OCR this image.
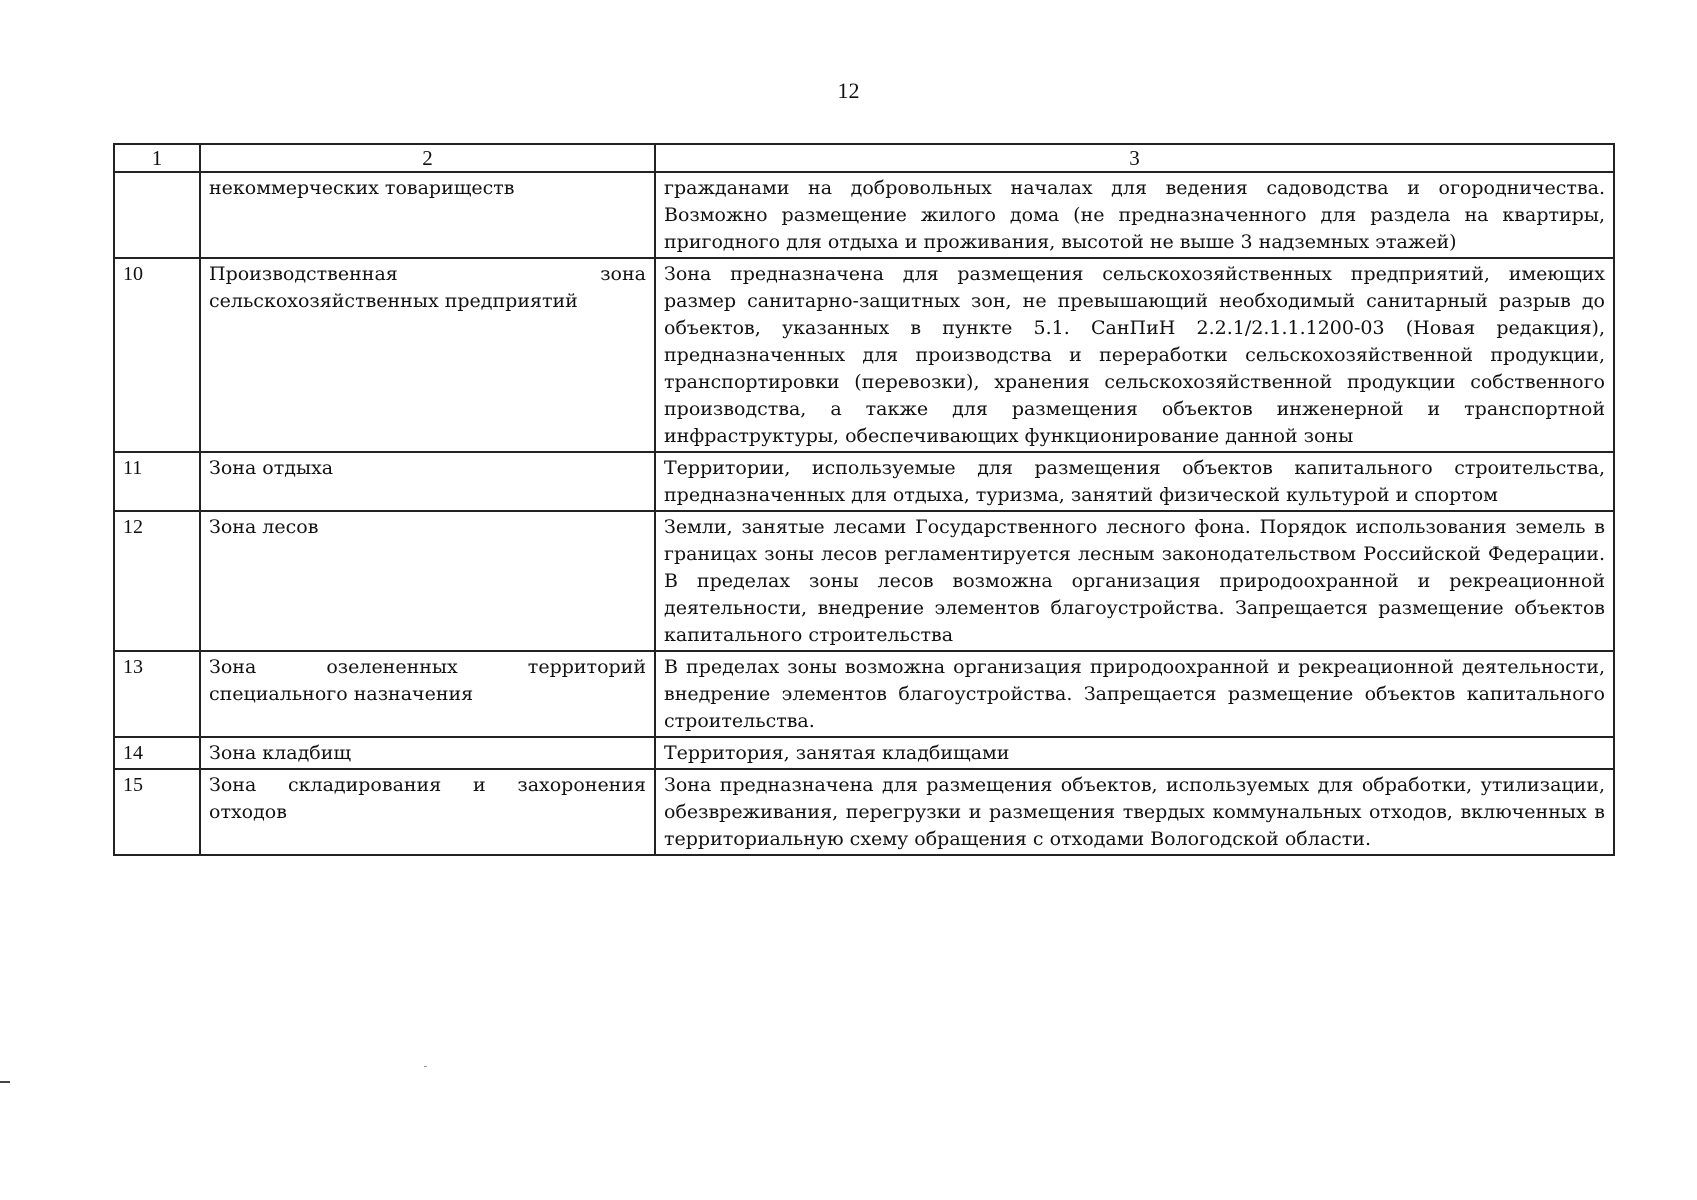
12
1	2	3
	некоммерческих товариществ	гражданами на добровольных началах для ведения садоводства и огородничества. Возможно размещение жилого дома (не предназначенного для раздела на квартиры, пригодного для отдыха и проживания, высотой не выше 3 надземных этажей)
10	Производственная зона сельскохозяйственных предприятий	Зона предназначена для размещения сельскохозяйственных предприятий, имеющих размер санитарно-защитных зон, не превышающий необходимый санитарный разрыв до объектов, указанных в пункте 5.1. СанПиН 2.2.1/2.1.1.1200-03 (Новая редакция), предназначенных для производства и переработки сельскохозяйственной продукции, транспортировки (перевозки), хранения сельскохозяйственной продукции собственного производства, а также для размещения объектов инженерной и транспортной инфраструктуры, обеспечивающих функционирование данной зоны
11	Зона отдыха	Территории, используемые для размещения объектов капитального строительства, предназначенных для отдыха, туризма, занятий физической культурой и спортом
12	Зона лесов	Земли, занятые лесами Государственного лесного фона. Порядок использования земель в границах зоны лесов регламентируется лесным законодательством Российской Федерации. В пределах зоны лесов возможна организация природоохранной и рекреационной деятельности, внедрение элементов благоустройства. Запрещается размещение объектов капитального строительства
13	Зона озелененных территорий специального назначения	В пределах зоны возможна организация природоохранной и рекреационной деятельности, внедрение элементов благоустройства. Запрещается размещение объектов капитального строительства.
14	Зона кладбищ	Территория, занятая кладбищами
15	Зона складирования и захоронения отходов	Зона предназначена для размещения объектов, используемых для обработки, утилизации, обезвреживания, перегрузки и размещения твердых коммунальных отходов, включенных в территориальную схему обращения с отходами Вологодской области.
